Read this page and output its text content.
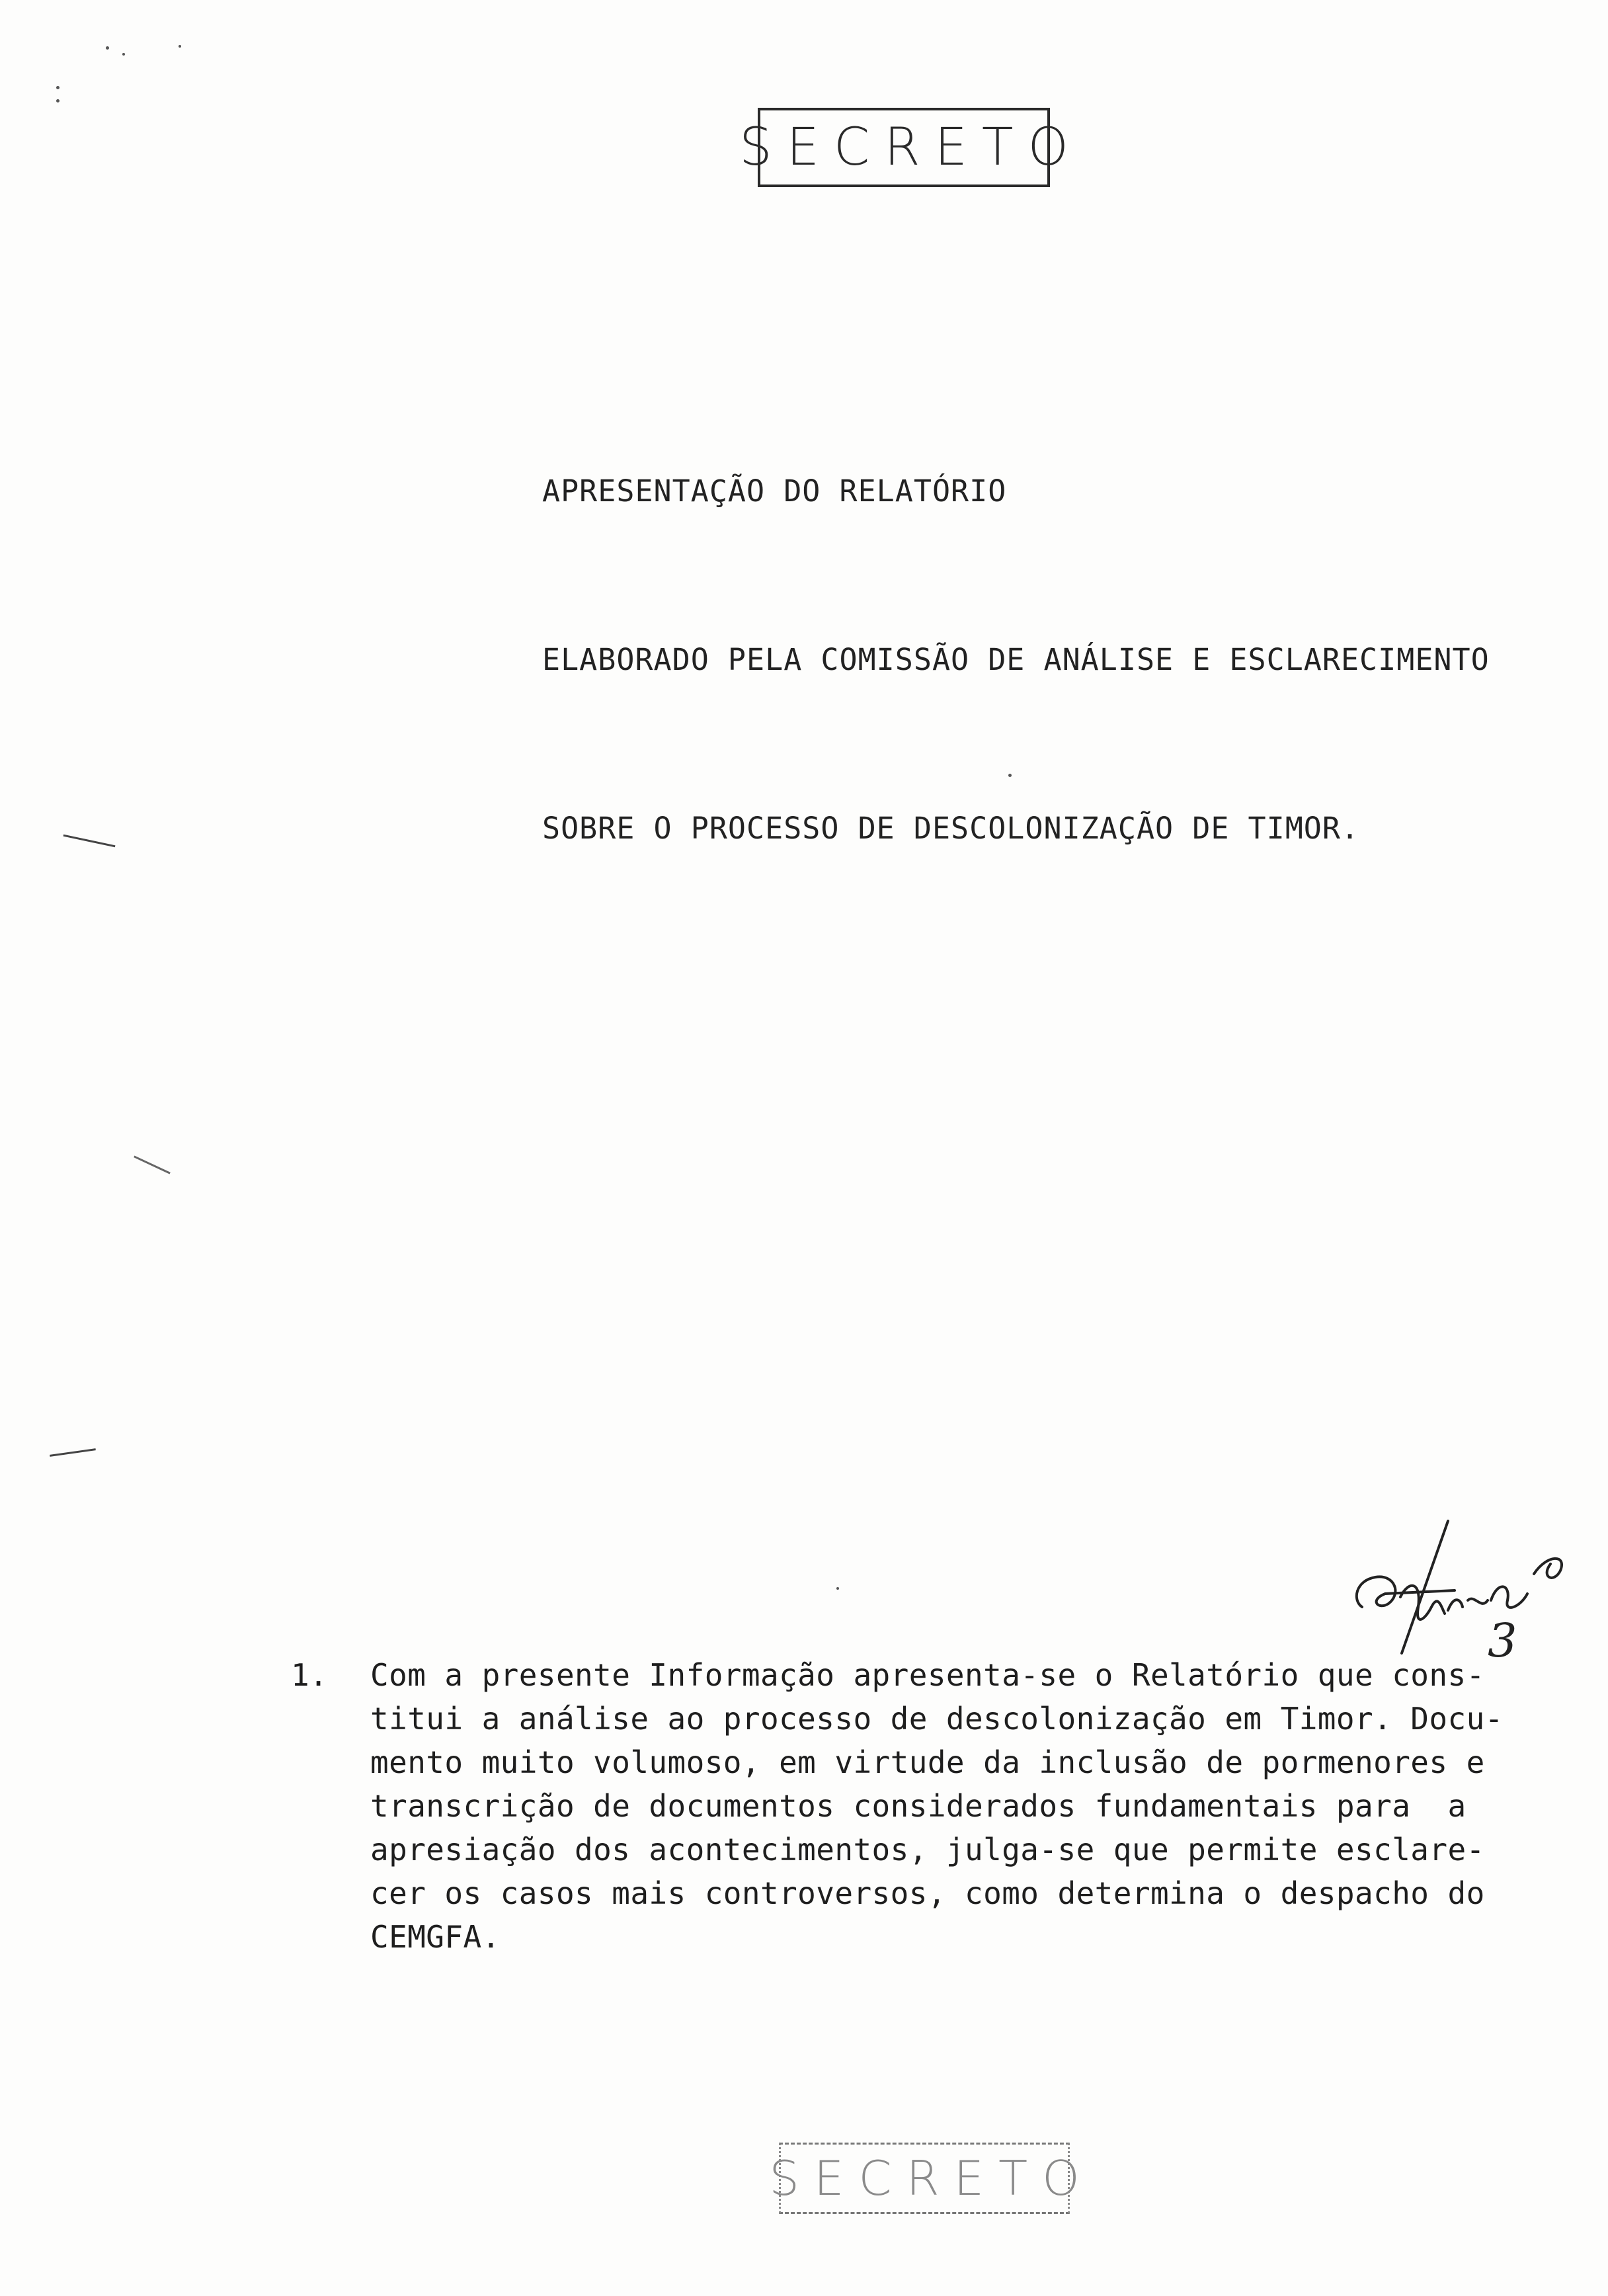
SECRETO

APRESENTAÇÃO DO RELATÓRIO

ELABORADO PELA COMISSÃO DE ANÁLISE E ESCLARECIMENTO

SOBRE O PROCESSO DE DESCOLONIZAÇÃO DE TIMOR.

3
1. Com a presente Informação apresenta-se o Relatório que cons-
titui a análise ao processo de descolonização em Timor. Docu-
mento muito volumoso, em virtude da inclusão de pormenores e
transcrição de documentos considerados fundamentais para  a
apresiação dos acontecimentos, julga-se que permite esclare-
cer os casos mais controversos, como determina o despacho do
CEMGFA.
SECRETO
